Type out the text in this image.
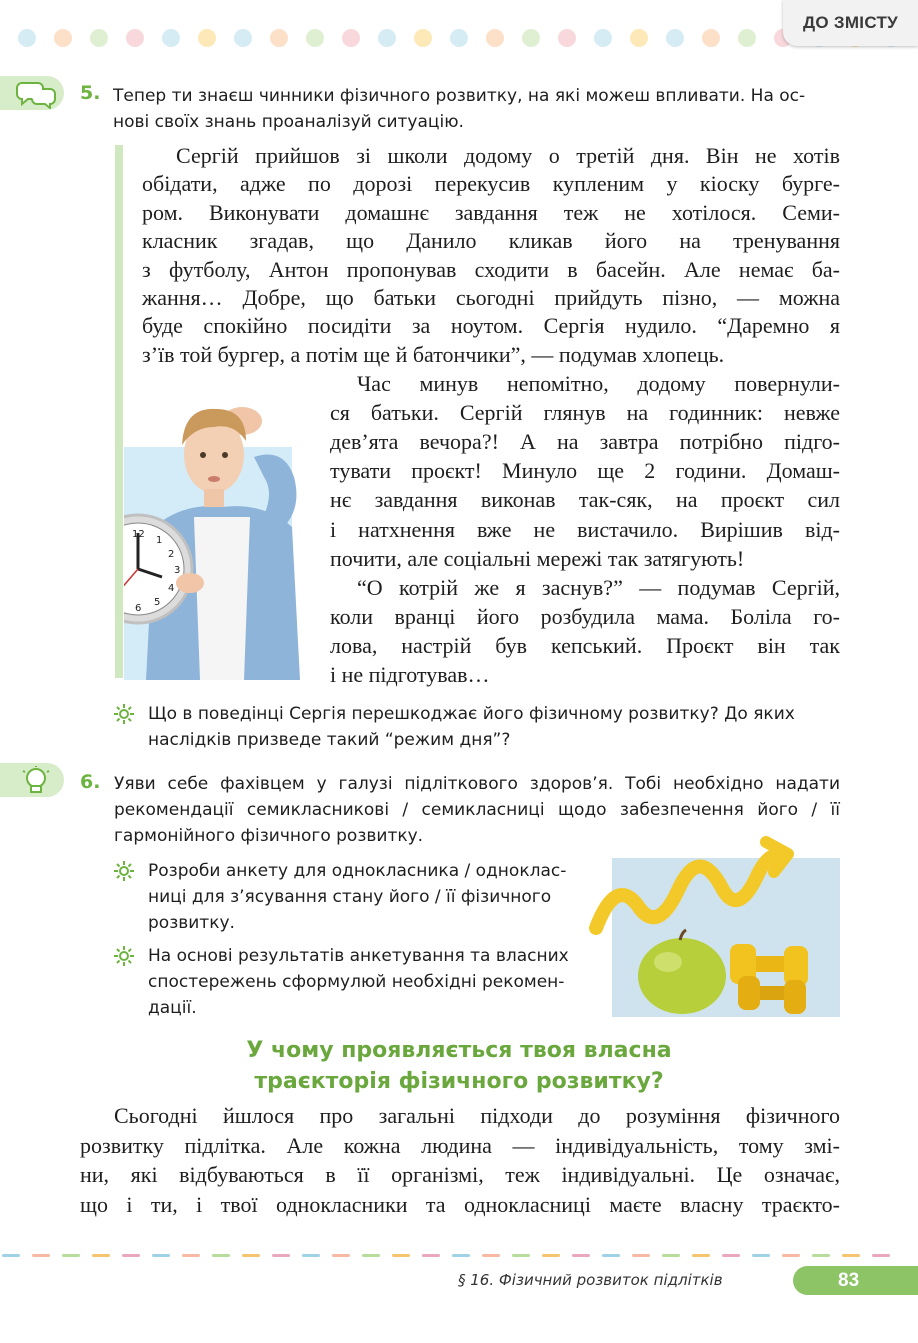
ДО ЗМІСТУ
5. Тепер ти знаєш чинники фізичного розвитку, на які можеш впливати. На ос-
нові своїх знань проаналізуй ситуацію.
Сергій прийшов зі школи додому о третій дня. Він не хотів
обідати, адже по дорозі перекусив купленим у кіоску бурге-
ром. Виконувати домашнє завдання теж не хотілося. Семи-
класник згадав, що Данило кликав його на тренування
з футболу, Антон пропонував сходити в басейн. Але немає ба-
жання… Добре, що батьки сьогодні прийдуть пізно, — можна
буде спокійно посидіти за ноутом. Сергія нудило. “Даремно я
з’їв той бургер, а потім ще й батончики”, — подумав хлопець.
Час минув непомітно, додому повернули-
ся батьки. Сергій глянув на годинник: невже
дев’ята вечора?! А на завтра потрібно підго-
тувати проєкт! Минуло ще 2 години. Домаш-
нє завдання виконав так-сяк, на проєкт сил
і натхнення вже не вистачило. Вирішив від-
почити, але соціальні мережі так затягують!
“О котрій же я заснув?” — подумав Сергій,
коли вранці його розбудила мама. Боліла го-
лова, настрій був кепський. Проєкт він так
і не підготував…
12
3
6
1
2
4
5
Що в поведінці Сергія перешкоджає його фізичному розвитку? До яких
наслідків призведе такий “режим дня”?
6. Уяви себе фахівцем у галузі підліткового здоров’я. Тобі необхідно надати
рекомендації семикласникові / семикласниці щодо забезпечення його / її
гармонійного фізичного розвитку.
Розроби анкету для однокласника / одноклас-
ниці для з’ясування стану його / її фізичного
розвитку.
На основі результатів анкетування та власних
спостережень сформулюй необхідні рекомен-
дації.
У чому проявляється твоя власна
траєкторія фізичного розвитку?
Сьогодні йшлося про загальні підходи до розуміння фізичного
розвитку підлітка. Але кожна людина — індивідуальність, тому змі-
ни, які відбуваються в її організмі, теж індивідуальні. Це означає,
що і ти, і твої однокласники та однокласниці маєте власну траєкто-
§ 16. Фізичний розвиток підлітків	83
